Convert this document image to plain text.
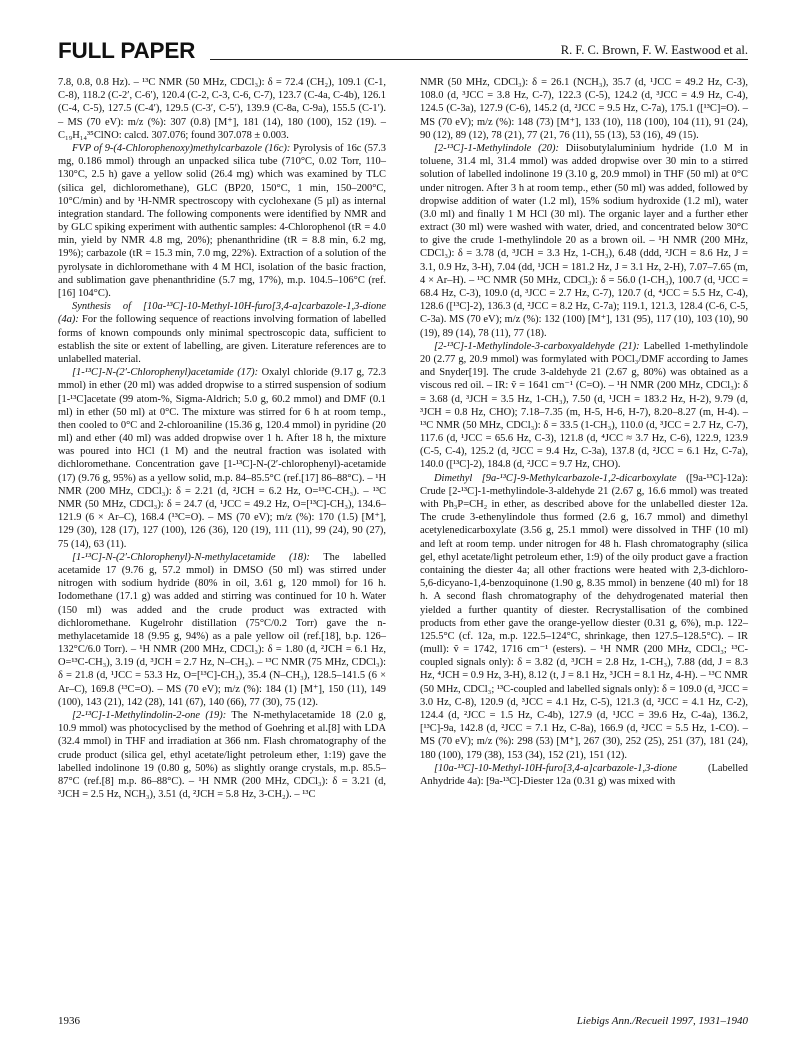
FULL PAPER	R. F. C. Brown, F. W. Eastwood et al.

7.8, 0.8, 0.8 Hz). – ¹³C NMR (50 MHz, CDCl₃): δ = 72.4 (CH₂), 109.1 (C-1, C-8), 118.2 (C-2′, C-6′), 120.4 (C-2, C-3, C-6, C-7), 123.7 (C-4a, C-4b), 126.1 (C-4, C-5), 127.5 (C-4′), 129.5 (C-3′, C-5′), 139.9 (C-8a, C-9a), 155.5 (C-1′). – MS (70 eV): m/z (%): 307 (0.8) [M⁺], 181 (14), 180 (100), 152 (19). – C₁₉H₁₄³⁵ClNO: calcd. 307.076; found 307.078 ± 0.003.

FVP of 9-(4-Chlorophenoxy)methylcarbazole (16c): Pyrolysis of 16c (57.3 mg, 0.186 mmol) through an unpacked silica tube (710°C, 0.02 Torr, 110–130°C, 2.5 h) gave a yellow solid (26.4 mg) which was examined by TLC (silica gel, dichloromethane), GLC (BP20, 150°C, 1 min, 150–200°C, 10°C/min) and by ¹H-NMR spectroscopy with cyclohexane (5 µl) as internal integration standard. The following components were identified by NMR and by GLC spiking experiment with authentic samples: 4-Chlorophenol (tR = 4.0 min, yield by NMR 4.8 mg, 20%); phenanthridine (tR = 8.8 min, 6.2 mg, 19%); carbazole (tR = 15.3 min, 7.0 mg, 22%). Extraction of a solution of the pyrolysate in dichloromethane with 4 M HCl, isolation of the basic fraction, and sublimation gave phenanthridine (5.7 mg, 17%), m.p. 104.5–106°C (ref.[16] 104°C).

Synthesis of [10a-¹³C]-10-Methyl-10H-furo[3,4-a]carbazole-1,3-dione (4a): For the following sequence of reactions involving formation of labelled forms of known compounds only minimal spectroscopic data, sufficient to establish the site or extent of labelling, are given. Literature references are to unlabelled material.

[1-¹³C]-N-(2′-Chlorophenyl)acetamide (17): Oxalyl chloride (9.17 g, 72.3 mmol) in ether (20 ml) was added dropwise to a stirred suspension of sodium [1-¹³C]acetate (99 atom-%, Sigma-Aldrich; 5.0 g, 60.2 mmol) and DMF (0.1 ml) in ether (50 ml) at 0°C. The mixture was stirred for 6 h at room temp., then cooled to 0°C and 2-chloroaniline (15.36 g, 120.4 mmol) in pyridine (20 ml) and ether (40 ml) was added dropwise over 1 h. After 18 h, the mixture was poured into HCl (1 M) and the neutral fraction was isolated with dichloromethane. Concentration gave [1-¹³C]-N-(2′-chlorophenyl)-acetamide (17) (9.76 g, 95%) as a yellow solid, m.p. 84–85.5°C (ref.[17] 86–88°C). – ¹H NMR (200 MHz, CDCl₃): δ = 2.21 (d, ²JCH = 6.2 Hz, O=¹³C-CH₃). – ¹³C NMR (50 MHz, CDCl₃): δ = 24.7 (d, ¹JCC = 49.2 Hz, O=[¹³C]-CH₃), 134.6–121.9 (6 × Ar–C), 168.4 (¹³C=O). – MS (70 eV); m/z (%): 170 (1.5) [M⁺], 129 (30), 128 (17), 127 (100), 126 (36), 120 (19), 111 (11), 99 (24), 90 (27), 75 (14), 63 (11).

[1-¹³C]-N-(2′-Chlorophenyl)-N-methylacetamide (18): The labelled acetamide 17 (9.76 g, 57.2 mmol) in DMSO (50 ml) was stirred under nitrogen with sodium hydride (80% in oil, 3.61 g, 120 mmol) for 16 h. Iodomethane (17.1 g) was added and stirring was continued for 10 h. Water (150 ml) was added and the crude product was extracted with dichloromethane. Kugelrohr distillation (75°C/0.2 Torr) gave the n-methylacetamide 18 (9.95 g, 94%) as a pale yellow oil (ref.[18], b.p. 126–132°C/6.0 Torr). – ¹H NMR (200 MHz, CDCl₃): δ = 1.80 (d, ²JCH = 6.1 Hz, O=¹³C-CH₃), 3.19 (d, ³JCH = 2.7 Hz, N–CH₃). – ¹³C NMR (75 MHz, CDCl₃): δ = 21.8 (d, ¹JCC = 53.3 Hz, O=[¹³C]-CH₃), 35.4 (N–CH₃), 128.5–141.5 (6 × Ar–C), 169.8 (¹³C=O). – MS (70 eV); m/z (%): 184 (1) [M⁺], 150 (11), 149 (100), 143 (21), 142 (28), 141 (67), 140 (66), 77 (30), 75 (12).

[2-¹³C]-1-Methylindolin-2-one (19): The N-methylacetamide 18 (2.0 g, 10.9 mmol) was photocyclised by the method of Goehring et al.[8] with LDA (32.4 mmol) in THF and irradiation at 366 nm. Flash chromatography of the crude product (silica gel, ethyl acetate/light petroleum ether, 1:19) gave the labelled indolinone 19 (0.80 g, 50%) as slightly orange crystals, m.p. 85.5–87°C (ref.[8] m.p. 86–88°C). – ¹H NMR (200 MHz, CDCl₃): δ = 3.21 (d, ³JCH = 2.5 Hz, NCH₃), 3.51 (d, ²JCH = 5.8 Hz, 3-CH₂). – ¹³C

NMR (50 MHz, CDCl₃): δ = 26.1 (NCH₃), 35.7 (d, ¹JCC = 49.2 Hz, C-3), 108.0 (d, ³JCC = 3.8 Hz, C-7), 122.3 (C-5), 124.2 (d, ³JCC = 4.9 Hz, C-4), 124.5 (C-3a), 127.9 (C-6), 145.2 (d, ²JCC = 9.5 Hz, C-7a), 175.1 ([¹³C]=O). – MS (70 eV); m/z (%): 148 (73) [M⁺], 133 (10), 118 (100), 104 (11), 91 (24), 90 (12), 89 (12), 78 (21), 77 (21, 76 (11), 55 (13), 53 (16), 49 (15).

[2-¹³C]-1-Methylindole (20): Diisobutylaluminium hydride (1.0 M in toluene, 31.4 ml, 31.4 mmol) was added dropwise over 30 min to a stirred solution of labelled indolinone 19 (3.10 g, 20.9 mmol) in THF (50 ml) at 0°C under nitrogen. After 3 h at room temp., ether (50 ml) was added, followed by dropwise addition of water (1.2 ml), 15% sodium hydroxide (1.2 ml), water (3.0 ml) and finally 1 M HCl (30 ml). The organic layer and a further ether extract (30 ml) were washed with water, dried, and concentrated below 30°C to give the crude 1-methylindole 20 as a brown oil. – ¹H NMR (200 MHz, CDCl₃): δ = 3.78 (d, ³JCH = 3.3 Hz, 1-CH₃), 6.48 (ddd, ²JCH = 8.6 Hz, J = 3.1, 0.9 Hz, 3-H), 7.04 (dd, ¹JCH = 181.2 Hz, J = 3.1 Hz, 2-H), 7.07–7.65 (m, 4 × Ar–H). – ¹³C NMR (50 MHz, CDCl₃): δ = 56.0 (1-CH₃), 100.7 (d, ¹JCC = 68.4 Hz, C-3), 109.0 (d, ³JCC = 2.7 Hz, C-7), 120.7 (d, ⁴JCC = 5.5 Hz, C-4), 128.6 ([¹³C]-2), 136.3 (d, ²JCC = 8.2 Hz, C-7a); 119.1, 121.3, 128.4 (C-6, C-5, C-3a). MS (70 eV); m/z (%): 132 (100) [M⁺], 131 (95), 117 (10), 103 (10), 90 (19), 89 (14), 78 (11), 77 (18).

[2-¹³C]-1-Methylindole-3-carboxyaldehyde (21): Labelled 1-methylindole 20 (2.77 g, 20.9 mmol) was formylated with POCl₃/DMF according to James and Snyder[19]. The crude 3-aldehyde 21 (2.67 g, 80%) was obtained as a viscous red oil. – IR: ṽ = 1641 cm⁻¹ (C=O). – ¹H NMR (200 MHz, CDCl₃): δ = 3.68 (d, ³JCH = 3.5 Hz, 1-CH₃), 7.50 (d, ¹JCH = 183.2 Hz, H-2), 9.79 (d, ³JCH = 0.8 Hz, CHO); 7.18–7.35 (m, H-5, H-6, H-7), 8.20–8.27 (m, H-4). – ¹³C NMR (50 MHz, CDCl₃): δ = 33.5 (1-CH₃), 110.0 (d, ³JCC = 2.7 Hz, C-7), 117.6 (d, ¹JCC = 65.6 Hz, C-3), 121.8 (d, ⁴JCC ≈ 3.7 Hz, C-6), 122.9, 123.9 (C-5, C-4), 125.2 (d, ²JCC = 9.4 Hz, C-3a), 137.8 (d, ²JCC = 6.1 Hz, C-7a), 140.0 ([¹³C]-2), 184.8 (d, ²JCC = 9.7 Hz, CHO).

Dimethyl [9a-¹³C]-9-Methylcarbazole-1,2-dicarboxylate ([9a-¹³C]-12a): Crude [2-¹³C]-1-methylindole-3-aldehyde 21 (2.67 g, 16.6 mmol) was treated with Ph₃P=CH₂ in ether, as described above for the unlabelled diester 12a. The crude 3-ethenylindole thus formed (2.6 g, 16.7 mmol) and dimethyl acetylenedicarboxylate (3.56 g, 25.1 mmol) were dissolved in THF (10 ml) and left at room temp. under nitrogen for 48 h. Flash chromatography (silica gel, ethyl acetate/light petroleum ether, 1:9) of the oily product gave a fraction containing the diester 4a; all other fractions were heated with 2,3-dichloro-5,6-dicyano-1,4-benzoquinone (1.90 g, 8.35 mmol) in benzene (40 ml) for 18 h. A second flash chromatography of the dehydrogenated material then yielded a further quantity of diester. Recrystallisation of the combined products from ether gave the orange-yellow diester (0.31 g, 6%), m.p. 122–125.5°C (cf. 12a, m.p. 122.5–124°C, shrinkage, then 127.5–128.5°C). – IR (mull): ṽ = 1742, 1716 cm⁻¹ (esters). – ¹H NMR (200 MHz, CDCl₃; ¹³C-coupled signals only): δ = 3.82 (d, ³JCH = 2.8 Hz, 1-CH₃), 7.88 (dd, J = 8.3 Hz, ⁴JCH = 0.9 Hz, 3-H), 8.12 (t, J = 8.1 Hz, ³JCH = 8.1 Hz, 4-H). – ¹³C NMR (50 MHz, CDCl₃; ¹³C-coupled and labelled signals only): δ = 109.0 (d, ³JCC = 3.0 Hz, C-8), 120.9 (d, ³JCC = 4.1 Hz, C-5), 121.3 (d, ²JCC = 4.1 Hz, C-2), 124.4 (d, ²JCC = 1.5 Hz, C-4b), 127.9 (d, ¹JCC = 39.6 Hz, C-4a), 136.2, [¹³C]-9a, 142.8 (d, ²JCC = 7.1 Hz, C-8a), 166.9 (d, ²JCC = 5.5 Hz, 1-CO). – MS (70 eV); m/z (%): 298 (53) [M⁺], 267 (30), 252 (25), 251 (37), 181 (24), 180 (100), 179 (38), 153 (34), 152 (21), 151 (12).

[10a-¹³C]-10-Methyl-10H-furo[3,4-a]carbazole-1,3-dione (Labelled Anhydride 4a): [9a-¹³C]-Diester 12a (0.31 g) was mixed with

1936	Liebigs Ann./Recueil 1997, 1931–1940
